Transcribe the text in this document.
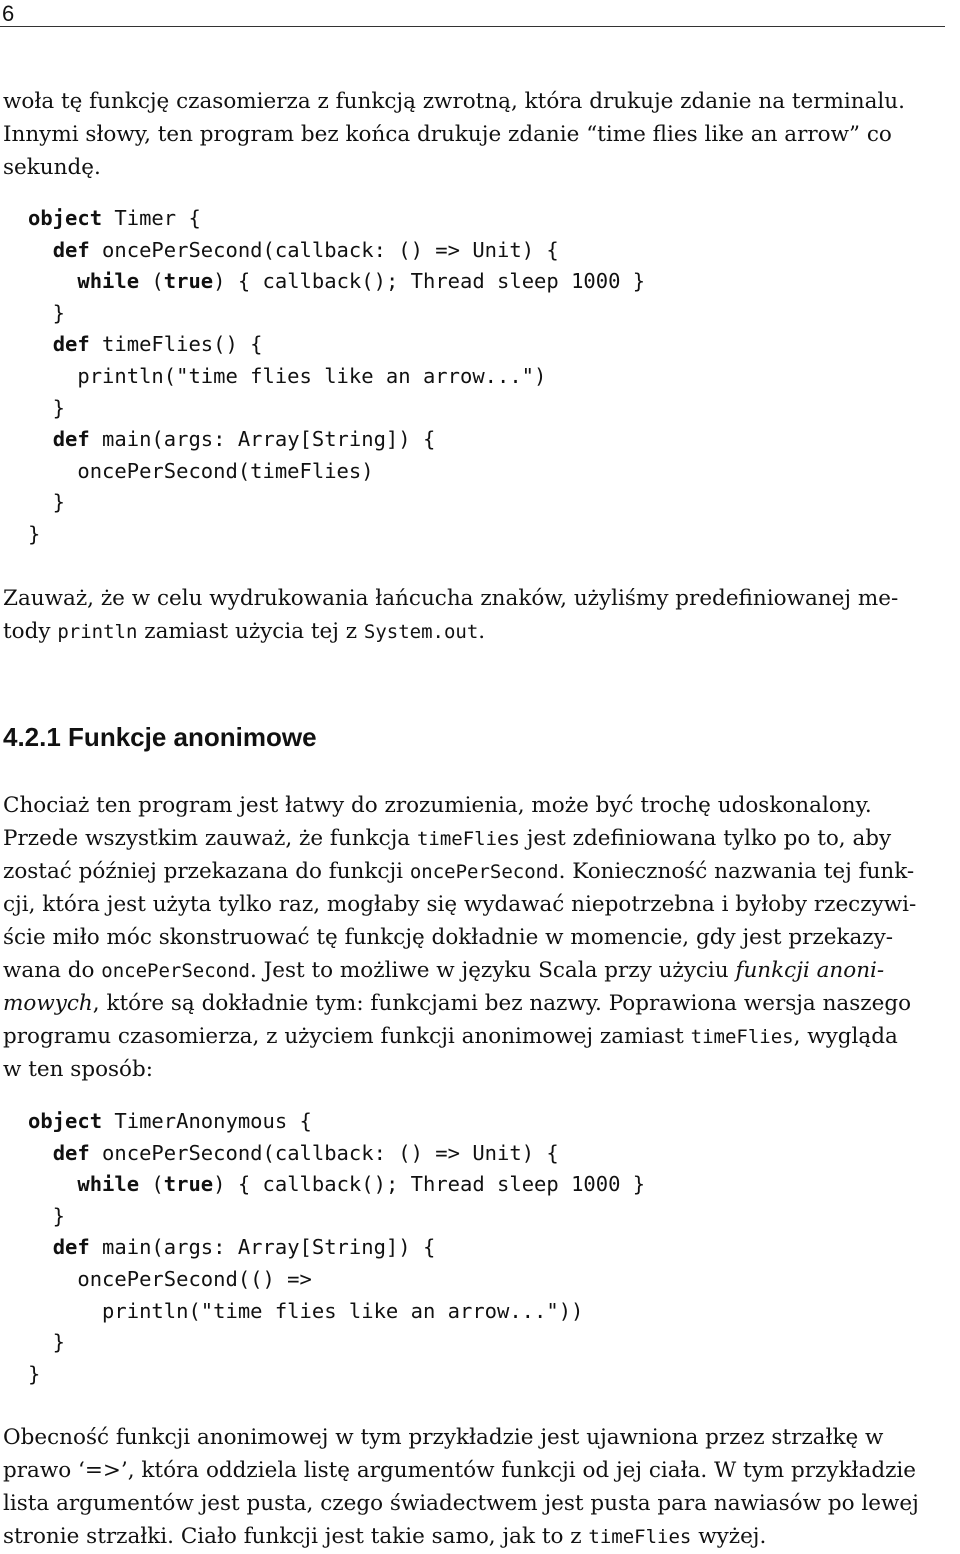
6
woła tę funkcję czasomierza z funkcją zwrotną, która drukuje zdanie na terminalu.
Innymi słowy, ten program bez końca drukuje zdanie “time flies like an arrow” co
sekundę.
object Timer {
def oncePerSecond(callback: () => Unit) {
while (true) { callback(); Thread sleep 1000 }
}
def timeFlies() {
println("time flies like an arrow...")
}
def main(args: Array[String]) {
oncePerSecond(timeFlies)
}
}
Zauważ, że w celu wydrukowania łańcucha znaków, użyliśmy predefiniowanej me-
tody println zamiast użycia tej z System.out.
4.2.1 Funkcje anonimowe
Chociaż ten program jest łatwy do zrozumienia, może być trochę udoskonalony.
Przede wszystkim zauważ, że funkcja timeFlies jest zdefiniowana tylko po to, aby
zostać później przekazana do funkcji oncePerSecond. Konieczność nazwania tej funk-
cji, która jest użyta tylko raz, mogłaby się wydawać niepotrzebna i byłoby rzeczywi-
ście miło móc skonstruować tę funkcję dokładnie w momencie, gdy jest przekazy-
wana do oncePerSecond. Jest to możliwe w języku Scala przy użyciu funkcji anoni-
mowych, które są dokładnie tym: funkcjami bez nazwy. Poprawiona wersja naszego
programu czasomierza, z użyciem funkcji anonimowej zamiast timeFlies, wygląda
w ten sposób:
object TimerAnonymous {
def oncePerSecond(callback: () => Unit) {
while (true) { callback(); Thread sleep 1000 }
}
def main(args: Array[String]) {
oncePerSecond(() =>
println("time flies like an arrow..."))
}
}
Obecność funkcji anonimowej w tym przykładzie jest ujawniona przez strzałkę w
prawo ‘=>’, która oddziela listę argumentów funkcji od jej ciała. W tym przykładzie
lista argumentów jest pusta, czego świadectwem jest pusta para nawiasów po lewej
stronie strzałki. Ciało funkcji jest takie samo, jak to z timeFlies wyżej.
